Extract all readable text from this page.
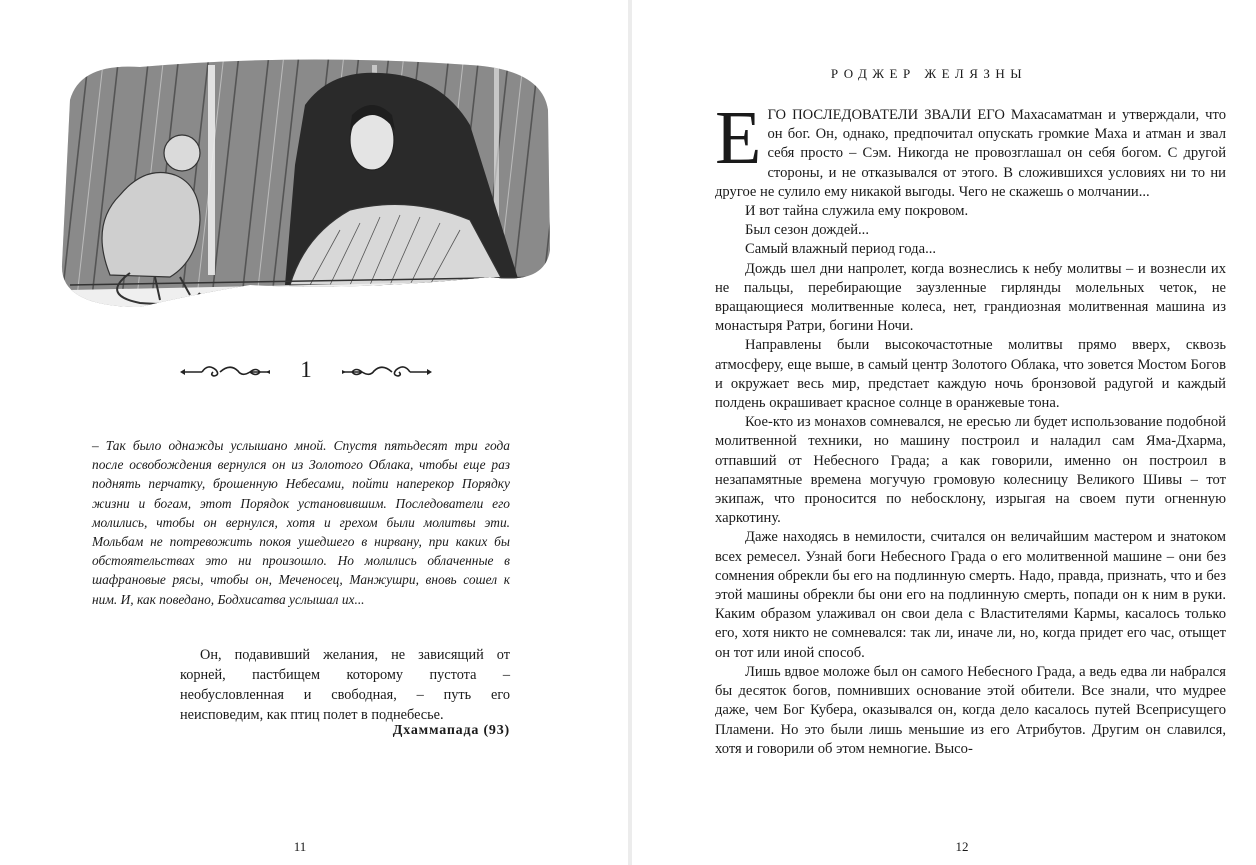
1

– Так было однажды услышано мной. Спустя пятьдесят три года после освобождения вернулся он из Золотого Облака, чтобы еще раз поднять перчатку, брошенную Небесами, пойти наперекор Порядку жизни и богам, этот Порядок установившим. Последователи его молились, чтобы он вернулся, хотя и грехом были молитвы эти. Мольбам не потревожить покоя ушедшего в нирвану, при каких бы обстоятельствах это ни произошло. Но молились облаченные в шафрановые рясы, чтобы он, Меченосец, Манжушри, вновь сошел к ним. И, как поведано, Бодхисатва услышал их...

Он, подавивший желания, не зависящий от корней, пастбищем которому пустота – необусловленная и свободная, – путь его неисповедим, как птиц полет в поднебесье.

Дхаммапада (93)
11
РОДЖЕР ЖЕЛЯЗНЫ

ЕГО ПОСЛЕДОВАТЕЛИ ЗВАЛИ ЕГО Махасаматман и утверждали, что он бог. Он, однако, предпочитал опускать громкие Маха и атман и звал себя просто – Сэм. Никогда не провозглашал он себя богом. С другой стороны, и не отказывался от этого. В сложившихся условиях ни то ни другое не сулило ему никакой выгоды. Чего не скажешь о молчании...

И вот тайна служила ему покровом.

Был сезон дождей...

Самый влажный период года...

Дождь шел дни напролет, когда вознеслись к небу молитвы – и вознесли их не пальцы, перебирающие заузленные гирлянды молельных четок, не вращающиеся молитвенные колеса, нет, грандиозная молитвенная машина из монастыря Ратри, богини Ночи.

Направлены были высокочастотные молитвы прямо вверх, сквозь атмосферу, еще выше, в самый центр Золотого Облака, что зовется Мостом Богов и окружает весь мир, предстает каждую ночь бронзовой радугой и каждый полдень окрашивает красное солнце в оранжевые тона.

Кое-кто из монахов сомневался, не ересью ли будет использование подобной молитвенной техники, но машину построил и наладил сам Яма-Дхарма, отпавший от Небесного Града; а как говорили, именно он построил в незапамятные времена могучую громовую колесницу Великого Шивы – тот экипаж, что проносится по небосклону, изрыгая на своем пути огненную харкотину.

Даже находясь в немилости, считался он величайшим мастером и знатоком всех ремесел. Узнай боги Небесного Града о его молитвенной машине – они без сомнения обрекли бы его на подлинную смерть. Надо, правда, признать, что и без этой машины обрекли бы они его на подлинную смерть, попади он к ним в руки. Каким образом улаживал он свои дела с Властителями Кармы, касалось только его, хотя никто не сомневался: так ли, иначе ли, но, когда придет его час, отыщет он тот или иной способ.

Лишь вдвое моложе был он самого Небесного Града, а ведь едва ли набрался бы десяток богов, помнивших основание этой обители. Все знали, что мудрее даже, чем Бог Кубера, оказывался он, когда дело касалось путей Всеприсущего Пламени. Но это были лишь меньшие из его Атрибутов. Другим он славился, хотя и говорили об этом немногие. Высо-

12
